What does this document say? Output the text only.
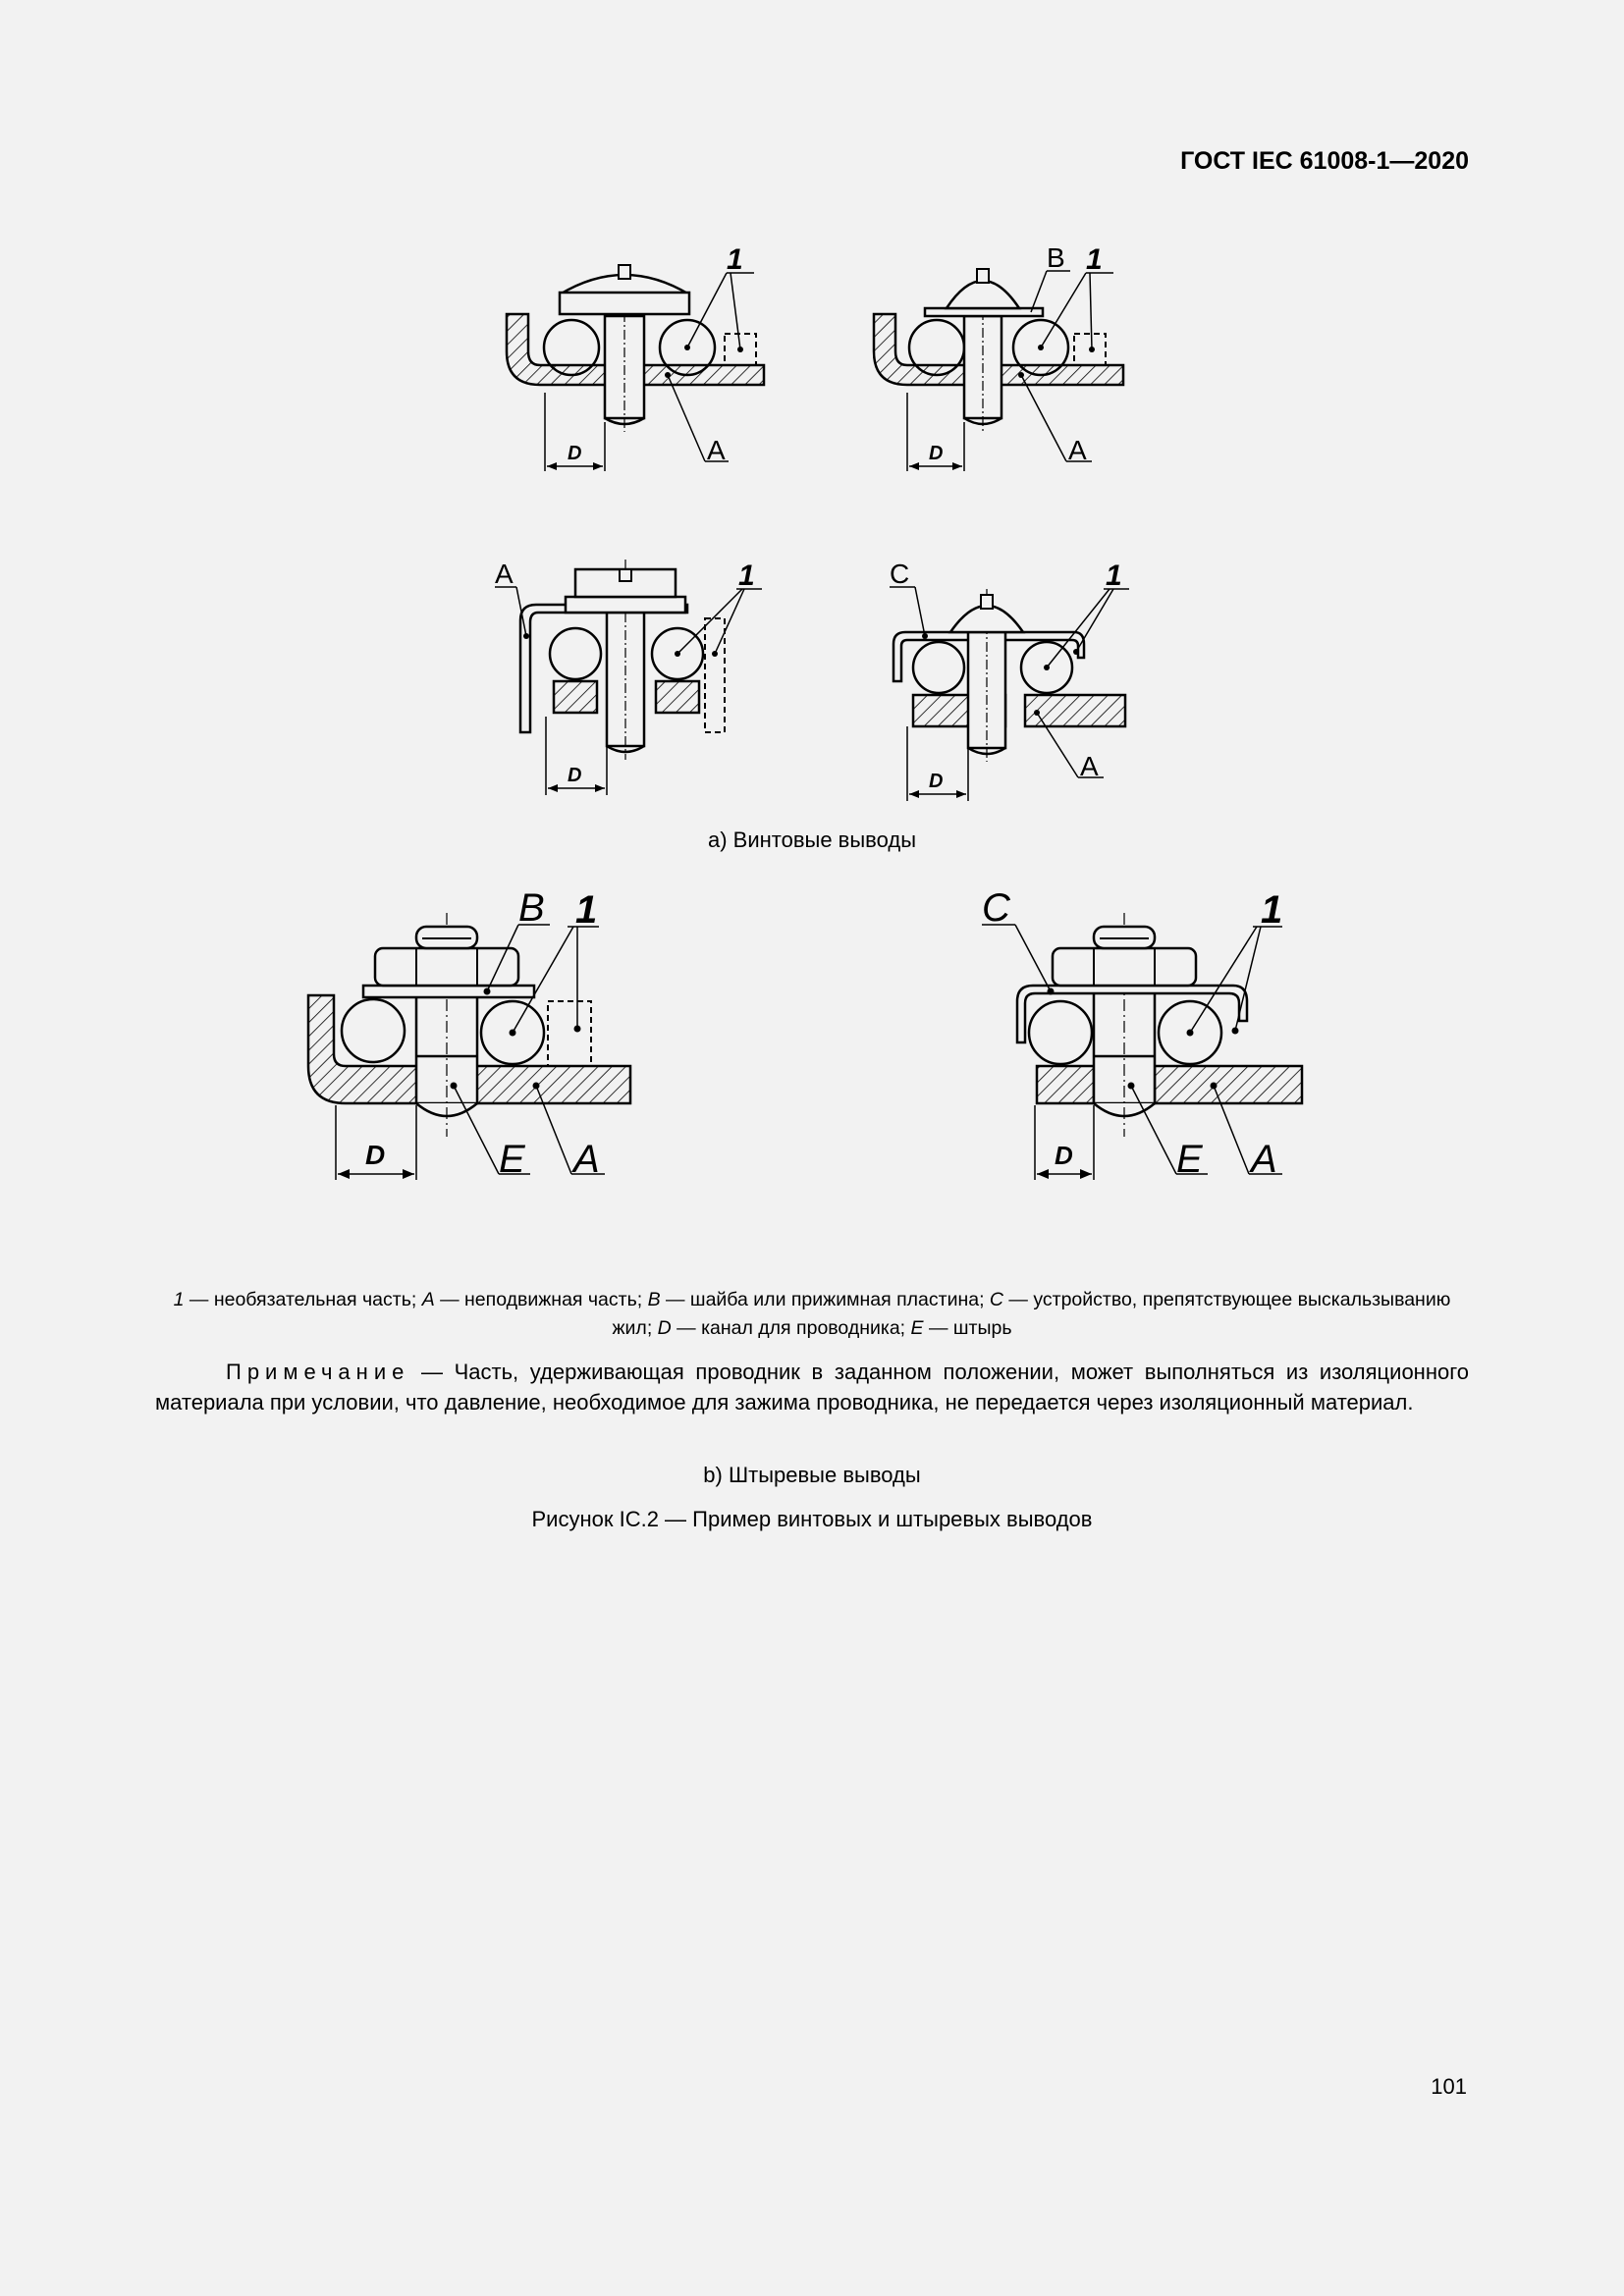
ГОСТ IEC 61008-1—2020
D
1
A	D
B 1
A
D
A	1
D
C	1
A
a) Винтовые выводы
D
B 1
E A	D
C	1
E A
1 — необязательная часть; A — неподвижная часть; B — шайба или прижимная пластина; C — устройство, препятствующее выскальзыванию жил; D — канал для проводника; E — штырь
Примечание — Часть, удерживающая проводник в заданном положении, может выполняться из изоляционного материала при условии, что давление, необходимое для зажима проводника, не передается через изоляционный материал.
b) Штыревые выводы
Рисунок IC.2 — Пример винтовых и штыревых выводов
101
